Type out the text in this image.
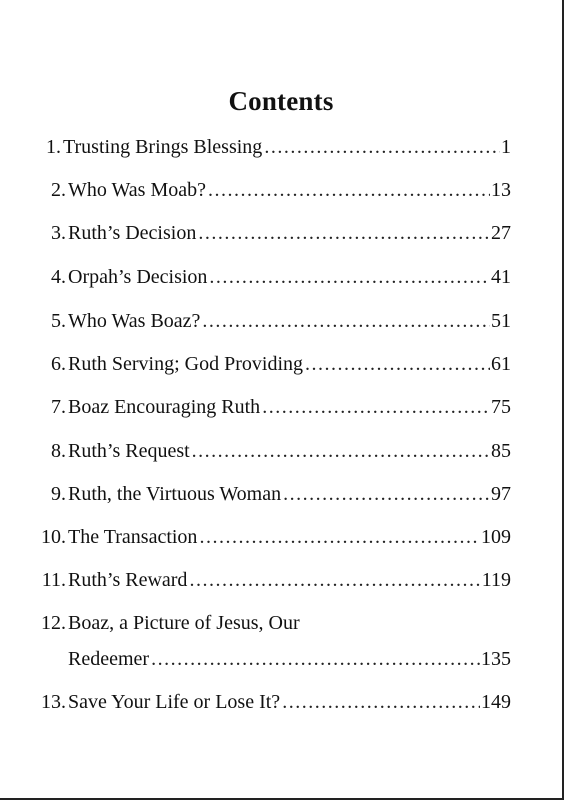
Contents
1. Trusting Brings Blessing .....	1
2. Who Was Moab? .....	13
3. Ruth’s Decision .....	27
4. Orpah’s Decision .....	41
5. Who Was Boaz? .....	51
6. Ruth Serving; God Providing .....	61
7. Boaz Encouraging Ruth .....	75
8. Ruth’s Request .....	85
9. Ruth, the Virtuous Woman .....	97
10. The Transaction .....	109
11. Ruth’s Reward .....	119
12. Boaz, a Picture of Jesus, Our
Redeemer .....	135
13. Save Your Life or Lose It? .....	149
